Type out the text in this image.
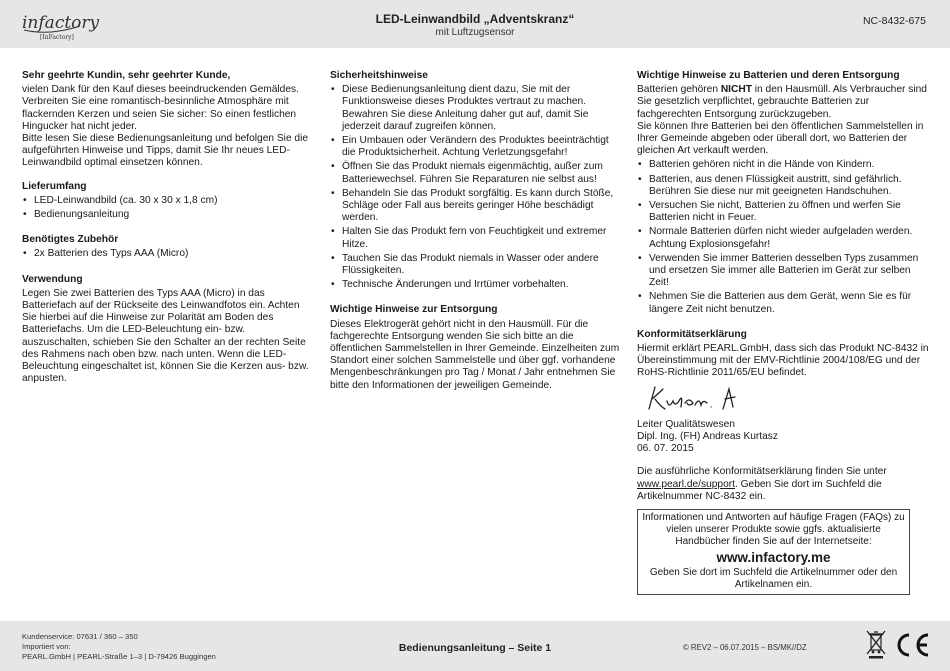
infactory
[InFactory]
LED-Leinwandbild „Adventskranz“
mit Luftzugsensor
NC-8432-675
Sehr geehrte Kundin, sehr geehrter Kunde,

vielen Dank für den Kauf dieses beeindruckenden Gemäldes. Verbreiten Sie eine romantisch-besinnliche Atmosphäre mit flackernden Kerzen und seien Sie sicher: So einen festlichen Hingucker hat nicht jeder.

Bitte lesen Sie diese Bedienungsanleitung und befolgen Sie die aufgeführten Hinweise und Tipps, damit Sie Ihr neues LED-Leinwandbild optimal einsetzen können.

Lieferumfang
• LED-Leinwandbild (ca. 30 x 30 x 1,8 cm)
• Bedienungsanleitung
Benötigtes Zubehör
• 2x Batterien des Typs AAA (Micro)
Verwendung

Legen Sie zwei Batterien des Typs AAA (Micro) in das Batteriefach auf der Rückseite des Leinwandfotos ein. Achten Sie hierbei auf die Hinweise zur Polarität am Boden des Batteriefachs. Um die LED-Beleuchtung ein- bzw. auszuschalten, schieben Sie den Schalter an der rechten Seite des Rahmens nach oben bzw. nach unten. Wenn die LED-Beleuchtung eingeschaltet ist, können Sie die Kerzen aus- bzw. anpusten.

Sicherheitshinweise
• Diese Bedienungsanleitung dient dazu, Sie mit der Funktionsweise dieses Produktes vertraut zu machen. Bewahren Sie diese Anleitung daher gut auf, damit Sie jederzeit darauf zugreifen können.
• Ein Umbauen oder Verändern des Produktes beeinträchtigt die Produktsicherheit. Achtung Verletzungsgefahr!
• Öffnen Sie das Produkt niemals eigenmächtig, außer zum Batteriewechsel. Führen Sie Reparaturen nie selbst aus!
• Behandeln Sie das Produkt sorgfältig. Es kann durch Stöße, Schläge oder Fall aus bereits geringer Höhe beschädigt werden.
• Halten Sie das Produkt fern von Feuchtigkeit und extremer Hitze.
• Tauchen Sie das Produkt niemals in Wasser oder andere Flüssigkeiten.
• Technische Änderungen und Irrtümer vorbehalten.
Wichtige Hinweise zur Entsorgung

Dieses Elektrogerät gehört nicht in den Hausmüll. Für die fachgerechte Entsorgung wenden Sie sich bitte an die öffentlichen Sammelstellen in Ihrer Gemeinde. Einzelheiten zum Standort einer solchen Sammelstelle und über ggf. vorhandene Mengenbeschränkungen pro Tag / Monat / Jahr entnehmen Sie bitte den Informationen der jeweiligen Gemeinde.

Wichtige Hinweise zu Batterien und deren Entsorgung

Batterien gehören NICHT in den Hausmüll. Als Verbraucher sind Sie gesetzlich verpflichtet, gebrauchte Batterien zur fachgerechten Entsorgung zurückzugeben.

Sie können Ihre Batterien bei den öffentlichen Sammelstellen in Ihrer Gemeinde abgeben oder überall dort, wo Batterien der gleichen Art verkauft werden.

• Batterien gehören nicht in die Hände von Kindern.
• Batterien, aus denen Flüssigkeit austritt, sind gefährlich. Berühren Sie diese nur mit geeigneten Handschuhen.
• Versuchen Sie nicht, Batterien zu öffnen und werfen Sie Batterien nicht in Feuer.
• Normale Batterien dürfen nicht wieder aufgeladen werden. Achtung Explosionsgefahr!
• Verwenden Sie immer Batterien desselben Typs zusammen und ersetzen Sie immer alle Batterien im Gerät zur selben Zeit!
• Nehmen Sie die Batterien aus dem Gerät, wenn Sie es für längere Zeit nicht benutzen.
Konformitätserklärung

Hiermit erklärt PEARL.GmbH, dass sich das Produkt NC-8432 in Übereinstimmung mit der EMV-Richtlinie 2004/108/EG und der RoHS-Richtlinie 2011/65/EU befindet.

Leiter Qualitätswesen

Dipl. Ing. (FH) Andreas Kurtasz

06. 07. 2015

Die ausführliche Konformitätserklärung finden Sie unter www.pearl.de/support. Geben Sie dort im Suchfeld die Artikelnummer NC-8432 ein.

Informationen und Antworten auf häufige Fragen (FAQs) zu vielen unserer Produkte sowie ggfs. aktualisierte Handbücher finden Sie auf der Internetseite:
www.infactory.me
Geben Sie dort im Suchfeld die Artikelnummer oder den Artikelnamen ein.
Kundenservice: 07631 / 360 – 350
Importiert von:
PEARL.GmbH | PEARL-Straße 1–3 | D-79426 Buggingen
Bedienungsanleitung – Seite 1	© REV2 – 06.07.2015 – BS/MK//DZ
